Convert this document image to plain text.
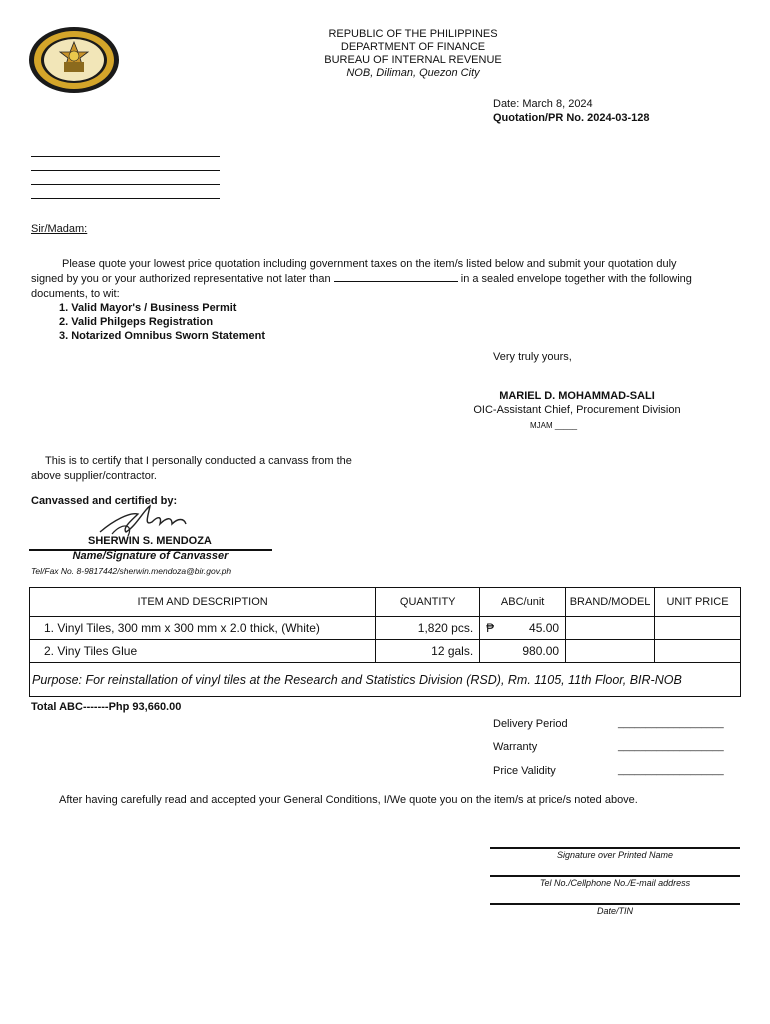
REPUBLIC OF THE PHILIPPINES
DEPARTMENT OF FINANCE
BUREAU OF INTERNAL REVENUE
NOB, Diliman, Quezon City
Date: March 8, 2024
Quotation/PR No. 2024-03-128
Sir/Madam:
Please quote your lowest price quotation including government taxes on the item/s listed below and submit your quotation duly
signed by you or your authorized representative not later than	in a sealed envelope together with the following
documents, to wit:
1. Valid Mayor's / Business Permit
2. Valid Philgeps Registration
3. Notarized Omnibus Sworn Statement
Very truly yours,
MARIEL D. MOHAMMAD-SALI
OIC-Assistant Chief, Procurement Division
MJAM _____
This is to certify that I personally conducted a canvass from the
above supplier/contractor.
Canvassed and certified by:
SHERWIN S. MENDOZA
Name/Signature of Canvasser
Tel/Fax No. 8-9817442/sherwin.mendoza@bir.gov.ph
ITEM AND DESCRIPTION	QUANTITY	ABC/unit	BRAND/MODEL	UNIT PRICE
1. Vinyl Tiles, 300 mm x 300 mm x 2.0 thick, (White)	1,820 pcs.	₱ 45.00		

2. Viny Tiles Glue	12 gals.	980.00		

Purpose: For reinstallation of vinyl tiles at the Research and Statistics Division (RSD), Rm. 1105, 11th Floor, BIR-NOB				
Total ABC-------Php 93,660.00
Delivery Period	___________________
Warranty	___________________
Price Validity	___________________
After having carefully read and accepted your General Conditions, I/We quote you on the item/s at price/s noted above.
Signature over Printed Name
Tel No./Cellphone No./E-mail address
Date/TIN
